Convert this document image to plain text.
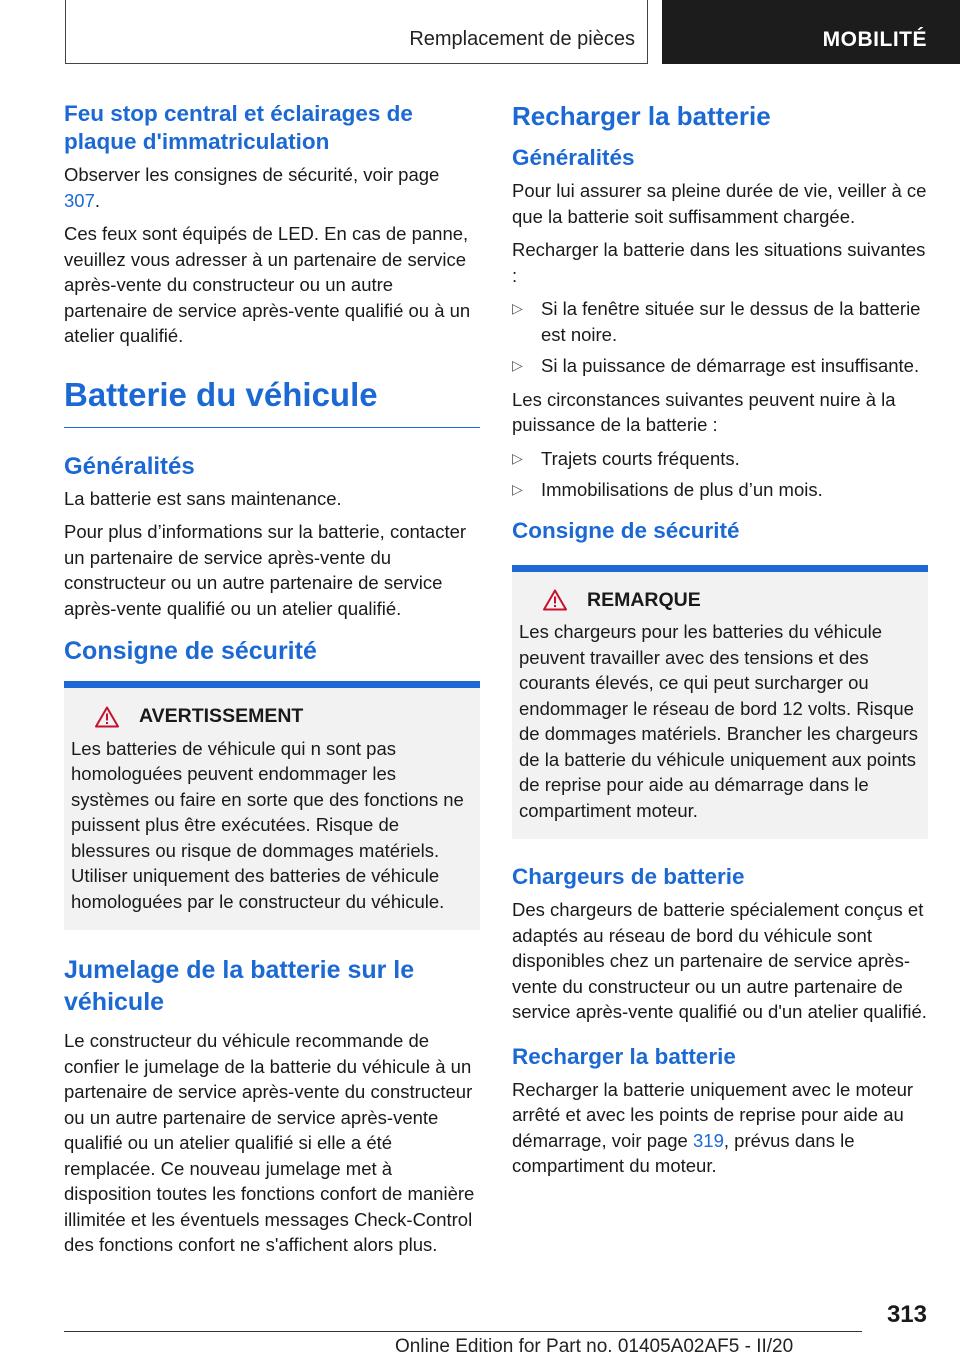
Remplacement de pièces	MOBILITÉ
Feu stop central et éclairages de plaque d'immatriculation

Observer les consignes de sécurité, voir page 307.

Ces feux sont équipés de LED. En cas de panne, veuillez vous adresser à un partenaire de service après-vente du constructeur ou un autre partenaire de service après-vente qualifié ou à un atelier qualifié.

Batterie du véhicule
Généralités

La batterie est sans maintenance.

Pour plus d’informations sur la batterie, contacter un partenaire de service après-vente du constructeur ou un autre partenaire de service après-vente qualifié ou un atelier qualifié.

Consigne de sécurité
AVERTISSEMENT

Les batteries de véhicule qui n sont pas homologuées peuvent endommager les systèmes ou faire en sorte que des fonctions ne puissent plus être exécutées. Risque de blessures ou risque de dommages matériels. Utiliser uniquement des batteries de véhicule homologuées par le constructeur du véhicule.

Jumelage de la batterie sur le véhicule

Le constructeur du véhicule recommande de confier le jumelage de la batterie du véhicule à un partenaire de service après-vente du constructeur ou un autre partenaire de service après-vente qualifié ou un atelier qualifié si elle a été remplacée. Ce nouveau jumelage met à disposition toutes les fonctions confort de manière illimitée et les éventuels messages Check-Control des fonctions confort ne s'affichent alors plus.

Recharger la batterie
Généralités

Pour lui assurer sa pleine durée de vie, veiller à ce que la batterie soit suffisamment chargée.

Recharger la batterie dans les situations suivantes :

▷ Si la fenêtre située sur le dessus de la batterie est noire.
▷ Si la puissance de démarrage est insuffisante.

Les circonstances suivantes peuvent nuire à la puissance de la batterie :

▷ Trajets courts fréquents.
▷ Immobilisations de plus d’un mois.
Consigne de sécurité
REMARQUE

Les chargeurs pour les batteries du véhicule peuvent travailler avec des tensions et des courants élevés, ce qui peut surcharger ou endommager le réseau de bord 12 volts. Risque de dommages matériels. Brancher les chargeurs de la batterie du véhicule uniquement aux points de reprise pour aide au démarrage dans le compartiment moteur.

Chargeurs de batterie

Des chargeurs de batterie spécialement conçus et adaptés au réseau de bord du véhicule sont disponibles chez un partenaire de service après-vente du constructeur ou un autre partenaire de service après-vente qualifié ou d'un atelier qualifié.

Recharger la batterie

Recharger la batterie uniquement avec le moteur arrêté et avec les points de reprise pour aide au démarrage, voir page 319, prévus dans le compartiment du moteur.

313
Online Edition for Part no. 01405A02AF5 - II/20
